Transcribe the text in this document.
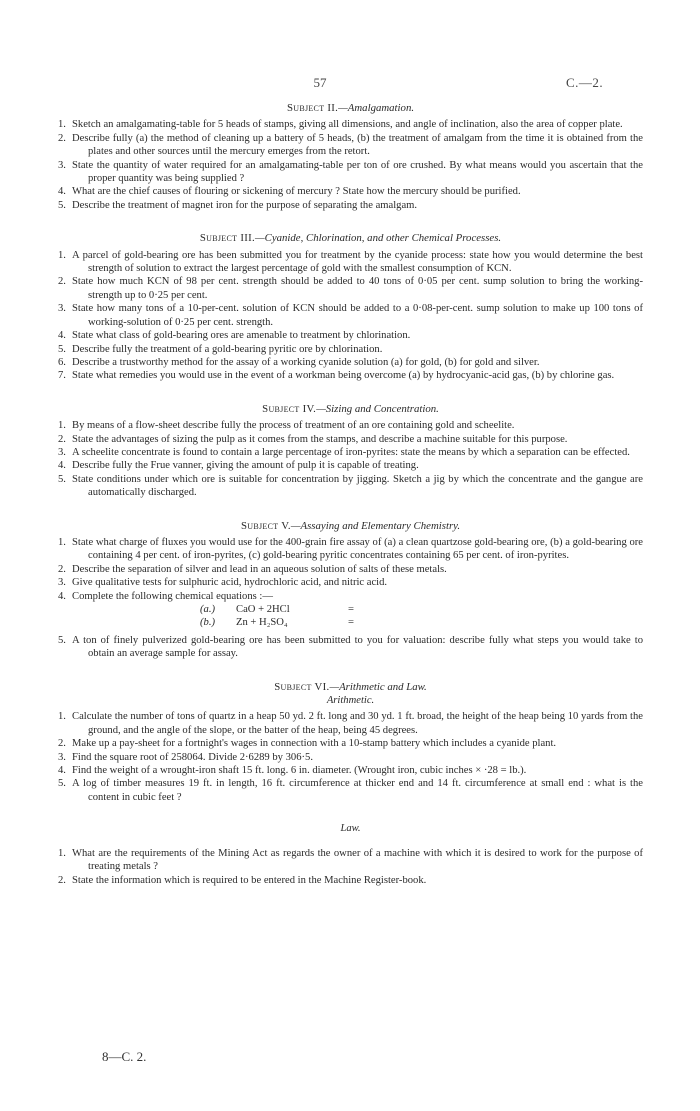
57	C.—2.

Subject II.—Amalgamation.

1. Sketch an amalgamating-table for 5 heads of stamps, giving all dimensions, and angle of inclination, also the area of copper plate.
2. Describe fully (a) the method of cleaning up a battery of 5 heads, (b) the treatment of amalgam from the time it is obtained from the plates and other sources until the mercury emerges from the retort.
3. State the quantity of water required for an amalgamating-table per ton of ore crushed. By what means would you ascertain that the proper quantity was being supplied ?
4. What are the chief causes of flouring or sickening of mercury ? State how the mercury should be purified.
5. Describe the treatment of magnet iron for the purpose of separating the amalgam.

Subject III.—Cyanide, Chlorination, and other Chemical Processes.

1. A parcel of gold-bearing ore has been submitted you for treatment by the cyanide process: state how you would determine the best strength of solution to extract the largest percentage of gold with the smallest consumption of KCN.
2. State how much KCN of 98 per cent. strength should be added to 40 tons of 0·05 per cent. sump solution to bring the working-strength up to 0·25 per cent.
3. State how many tons of a 10-per-cent. solution of KCN should be added to a 0·08-per-cent. sump solution to make up 100 tons of working-solution of 0·25 per cent. strength.
4. State what class of gold-bearing ores are amenable to treatment by chlorination.
5. Describe fully the treatment of a gold-bearing pyritic ore by chlorination.
6. Describe a trustworthy method for the assay of a working cyanide solution (a) for gold, (b) for gold and silver.
7. State what remedies you would use in the event of a workman being overcome (a) by hydrocyanic-acid gas, (b) by chlorine gas.

Subject IV.—Sizing and Concentration.

1. By means of a flow-sheet describe fully the process of treatment of an ore containing gold and scheelite.
2. State the advantages of sizing the pulp as it comes from the stamps, and describe a machine suitable for this purpose.
3. A scheelite concentrate is found to contain a large percentage of iron-pyrites: state the means by which a separation can be effected.
4. Describe fully the Frue vanner, giving the amount of pulp it is capable of treating.
5. State conditions under which ore is suitable for concentration by jigging. Sketch a jig by which the concentrate and the gangue are automatically discharged.

Subject V.—Assaying and Elementary Chemistry.

1. State what charge of fluxes you would use for the 400-grain fire assay of (a) a clean quartzose gold-bearing ore, (b) a gold-bearing ore containing 4 per cent. of iron-pyrites, (c) gold-bearing pyritic concentrates containing 65 per cent. of iron-pyrites.
2. Describe the separation of silver and lead in an aqueous solution of salts of these metals.
3. Give qualitative tests for sulphuric acid, hydrochloric acid, and nitric acid.
4. Complete the following chemical equations :—
(a.)	CaO + 2HCl	=
(b.)	Zn + H₂SO₄	=
5. A ton of finely pulverized gold-bearing ore has been submitted to you for valuation: describe fully what steps you would take to obtain an average sample for assay.

Subject VI.—Arithmetic and Law.

Arithmetic.

1. Calculate the number of tons of quartz in a heap 50 yd. 2 ft. long and 30 yd. 1 ft. broad, the height of the heap being 10 yards from the ground, and the angle of the slope, or the batter of the heap, being 45 degrees.
2. Make up a pay-sheet for a fortnight's wages in connection with a 10-stamp battery which includes a cyanide plant.
3. Find the square root of 258064. Divide 2·6289 by 306·5.
4. Find the weight of a wrought-iron shaft 15 ft. long. 6 in. diameter. (Wrought iron, cubic inches × ·28 = lb.).
5. A log of timber measures 19 ft. in length, 16 ft. circumference at thicker end and 14 ft. circumference at small end : what is the content in cubic feet ?

Law.

1. What are the requirements of the Mining Act as regards the owner of a machine with which it is desired to work for the purpose of treating metals ?
2. State the information which is required to be entered in the Machine Register-book.
8—C. 2.
